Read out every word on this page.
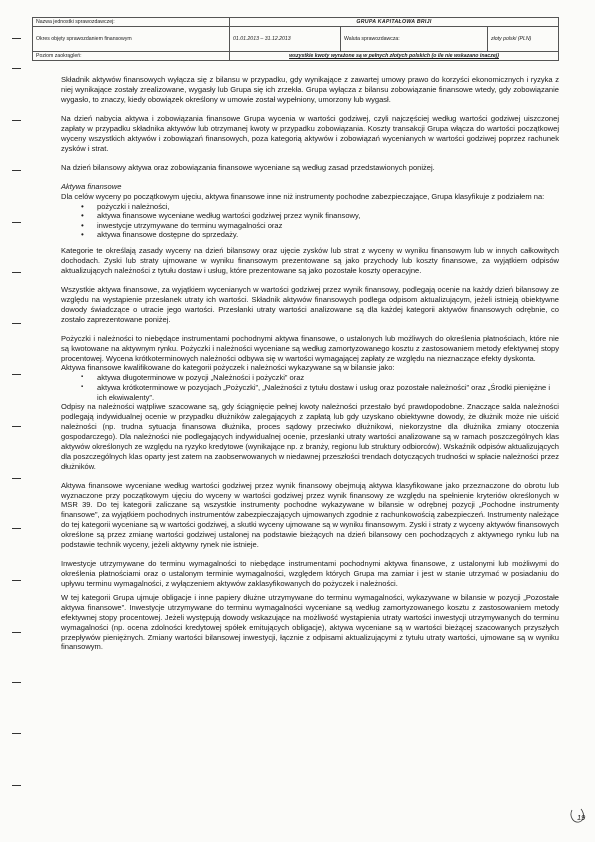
Nazwa jednostki sprawozdawczej:	GRUPA KAPITAŁOWA BRIJI		
Okres objęty sprawozdaniem finansowym	01.01.2013 – 31.12.2013	Waluta sprawozdawcza:	złoty polski (PLN)
Poziom zaokrągleń:	wszystkie kwoty wyrażone są w pełnych złotych polskich (o ile nie wskazano inaczej)		

Składnik aktywów finansowych wyłącza się z bilansu w przypadku, gdy wynikające z zawartej umowy prawo do korzyści ekonomicznych i ryzyka z niej wynikające zostały zrealizowane, wygasły lub Grupa się ich zrzekła. Grupa wyłącza z bilansu zobowiązanie finansowe wtedy, gdy zobowiązanie wygasło, to znaczy, kiedy obowiązek określony w umowie został wypełniony, umorzony lub wygasł.

Na dzień nabycia aktywa i zobowiązania finansowe Grupa wycenia w wartości godziwej, czyli najczęściej według wartości godziwej uiszczonej zapłaty w przypadku składnika aktywów lub otrzymanej kwoty w przypadku zobowiązania. Koszty transakcji Grupa włącza do wartości początkowej wyceny wszystkich aktywów i zobowiązań finansowych, poza kategorią aktywów i zobowiązań wycenianych w wartości godziwej poprzez rachunek zysków i strat.

Na dzień bilansowy aktywa oraz zobowiązania finansowe wyceniane są według zasad przedstawionych poniżej.

Aktywa finansowe

Dla celów wyceny po początkowym ujęciu, aktywa finansowe inne niż instrumenty pochodne zabezpieczające, Grupa klasyfikuje z podziałem na:

• pożyczki i należności,
• aktywa finansowe wyceniane według wartości godziwej przez wynik finansowy,
• inwestycje utrzymywane do terminu wymagalności oraz
• aktywa finansowe dostępne do sprzedaży.

Kategorie te określają zasady wyceny na dzień bilansowy oraz ujęcie zysków lub strat z wyceny w wyniku finansowym lub w innych całkowitych dochodach. Zyski lub straty ujmowane w wyniku finansowym prezentowane są jako przychody lub koszty finansowe, za wyjątkiem odpisów aktualizujących należności z tytułu dostaw i usług, które prezentowane są jako pozostałe koszty operacyjne.

Wszystkie aktywa finansowe, za wyjątkiem wycenianych w wartości godziwej przez wynik finansowy, podlegają ocenie na każdy dzień bilansowy ze względu na wystąpienie przesłanek utraty ich wartości. Składnik aktywów finansowych podlega odpisom aktualizującym, jeżeli istnieją obiektywne dowody świadczące o utracie jego wartości. Przesłanki utraty wartości analizowane są dla każdej kategorii aktywów finansowych odrębnie, co zostało zaprezentowane poniżej.

Pożyczki i należności to niebędące instrumentami pochodnymi aktywa finansowe, o ustalonych lub możliwych do określenia płatnościach, które nie są kwotowane na aktywnym rynku. Pożyczki i należności wyceniane są według zamortyzowanego kosztu z zastosowaniem metody efektywnej stopy procentowej. Wycena krótkoterminowych należności odbywa się w wartości wymagającej zapłaty ze względu na nieznaczące efekty dyskonta.

Aktywa finansowe kwalifikowane do kategorii pożyczek i należności wykazywane są w bilansie jako:

▪ aktywa długoterminowe w pozycji „Należności i pożyczki” oraz
▪ aktywa krótkoterminowe w pozycjach „Pożyczki”, „Należności z tytułu dostaw i usług oraz pozostałe należności” oraz „Środki pieniężne i ich ekwiwalenty”.

Odpisy na należności wątpliwe szacowane są, gdy ściągnięcie pełnej kwoty należności przestało być prawdopodobne. Znaczące salda należności podlegają indywidualnej ocenie w przypadku dłużników zalegających z zapłatą lub gdy uzyskano obiektywne dowody, że dłużnik może nie uiścić należności (np. trudna sytuacja finansowa dłużnika, proces sądowy przeciwko dłużnikowi, niekorzystne dla dłużnika zmiany otoczenia gospodarczego). Dla należności nie podlegających indywidualnej ocenie, przesłanki utraty wartości analizowane są w ramach poszczególnych klas aktywów określonych ze względu na ryzyko kredytowe (wynikające np. z branży, regionu lub struktury odbiorców). Wskaźnik odpisów aktualizujących dla poszczególnych klas oparty jest zatem na zaobserwowanych w niedawnej przeszłości trendach dotyczących trudności w spłacie należności przez dłużników.

Aktywa finansowe wyceniane według wartości godziwej przez wynik finansowy obejmują aktywa klasyfikowane jako przeznaczone do obrotu lub wyznaczone przy początkowym ujęciu do wyceny w wartości godziwej przez wynik finansowy ze względu na spełnienie kryteriów określonych w MSR 39. Do tej kategorii zaliczane są wszystkie instrumenty pochodne wykazywane w bilansie w odrębnej pozycji „Pochodne instrumenty finansowe”, za wyjątkiem pochodnych instrumentów zabezpieczających ujmowanych zgodnie z rachunkowością zabezpieczeń. Instrumenty należące do tej kategorii wyceniane są w wartości godziwej, a skutki wyceny ujmowane są w wyniku finansowym. Zyski i straty z wyceny aktywów finansowych określone są przez zmianę wartości godziwej ustalonej na podstawie bieżących na dzień bilansowy cen pochodzących z aktywnego rynku lub na podstawie technik wyceny, jeżeli aktywny rynek nie istnieje.

Inwestycje utrzymywane do terminu wymagalności to niebędące instrumentami pochodnymi aktywa finansowe, z ustalonymi lub możliwymi do określenia płatnościami oraz o ustalonym terminie wymagalności, względem których Grupa ma zamiar i jest w stanie utrzymać w posiadaniu do upływu terminu wymagalności, z wyłączeniem aktywów zaklasyfikowanych do pożyczek i należności.

W tej kategorii Grupa ujmuje obligacje i inne papiery dłużne utrzymywane do terminu wymagalności, wykazywane w bilansie w pozycji „Pozostałe aktywa finansowe”. Inwestycje utrzymywane do terminu wymagalności wyceniane są według zamortyzowanego kosztu z zastosowaniem metody efektywnej stopy procentowej. Jeżeli występują dowody wskazujące na możliwość wystąpienia utraty wartości inwestycji utrzymywanych do terminu wymagalności (np. ocena zdolności kredytowej spółek emitujących obligacje), aktywa wyceniane są w wartości bieżącej szacowanych przyszłych przepływów pieniężnych. Zmiany wartości bilansowej inwestycji, łącznie z odpisami aktualizującymi z tytułu utraty wartości, ujmowane są w wyniku finansowym.

19
